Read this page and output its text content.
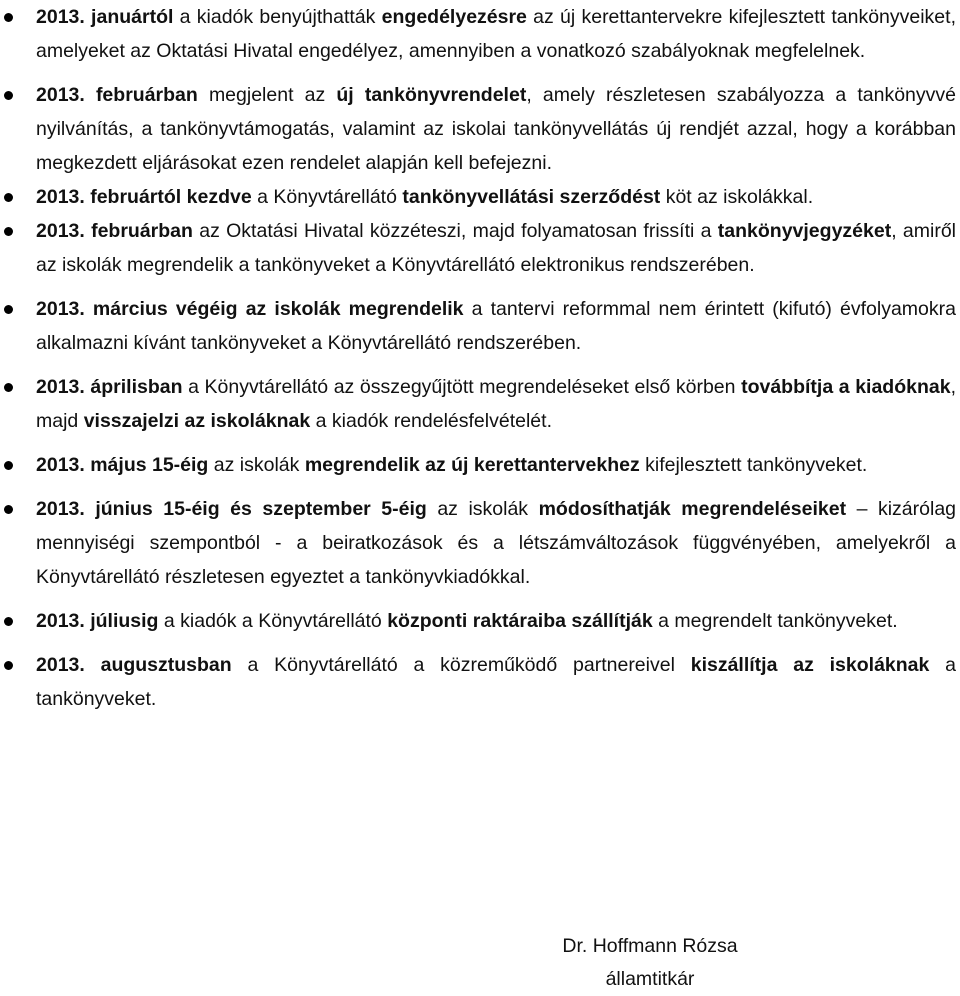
2013. januártól a kiadók benyújthatták engedélyezésre az új kerettantervekre kifejlesztett tankönyveiket, amelyeket az Oktatási Hivatal engedélyez, amennyiben a vonatkozó szabályoknak megfelelnek.
2013. februárban megjelent az új tankönyvrendelet, amely részletesen szabályozza a tankönyvvé nyilvánítás, a tankönyvtámogatás, valamint az iskolai tankönyvellátás új rendjét azzal, hogy a korábban megkezdett eljárásokat ezen rendelet alapján kell befejezni.
2013. februártól kezdve a Könyvtárellátó tankönyvellátási szerződést köt az iskolákkal.
2013. februárban az Oktatási Hivatal közzéteszi, majd folyamatosan frissíti a tankönyvjegyzéket, amiről az iskolák megrendelik a tankönyveket a Könyvtárellátó elektronikus rendszerében.
2013. március végéig az iskolák megrendelik a tantervi reformmal nem érintett (kifutó) évfolyamokra alkalmazni kívánt tankönyveket a Könyvtárellátó rendszerében.
2013. áprilisban a Könyvtárellátó az összegyűjtött megrendeléseket első körben továbbítja a kiadóknak, majd visszajelzi az iskoláknak a kiadók rendelésfelvételét.
2013. május 15-éig az iskolák megrendelik az új kerettantervekhez kifejlesztett tankönyveket.
2013. június 15-éig és szeptember 5-éig az iskolák módosíthatják megrendeléseiket – kizárólag mennyiségi szempontból - a beiratkozások és a létszámváltozások függvényében, amelyekről a Könyvtárellátó részletesen egyeztet a tankönyvkiadókkal.
2013. júliusig a kiadók a Könyvtárellátó központi raktáraiba szállítják a megrendelt tankönyveket.
2013. augusztusban a Könyvtárellátó a közreműködő partnereivel kiszállítja az iskoláknak a tankönyveket.
Dr. Hoffmann Rózsa
államtitkár
